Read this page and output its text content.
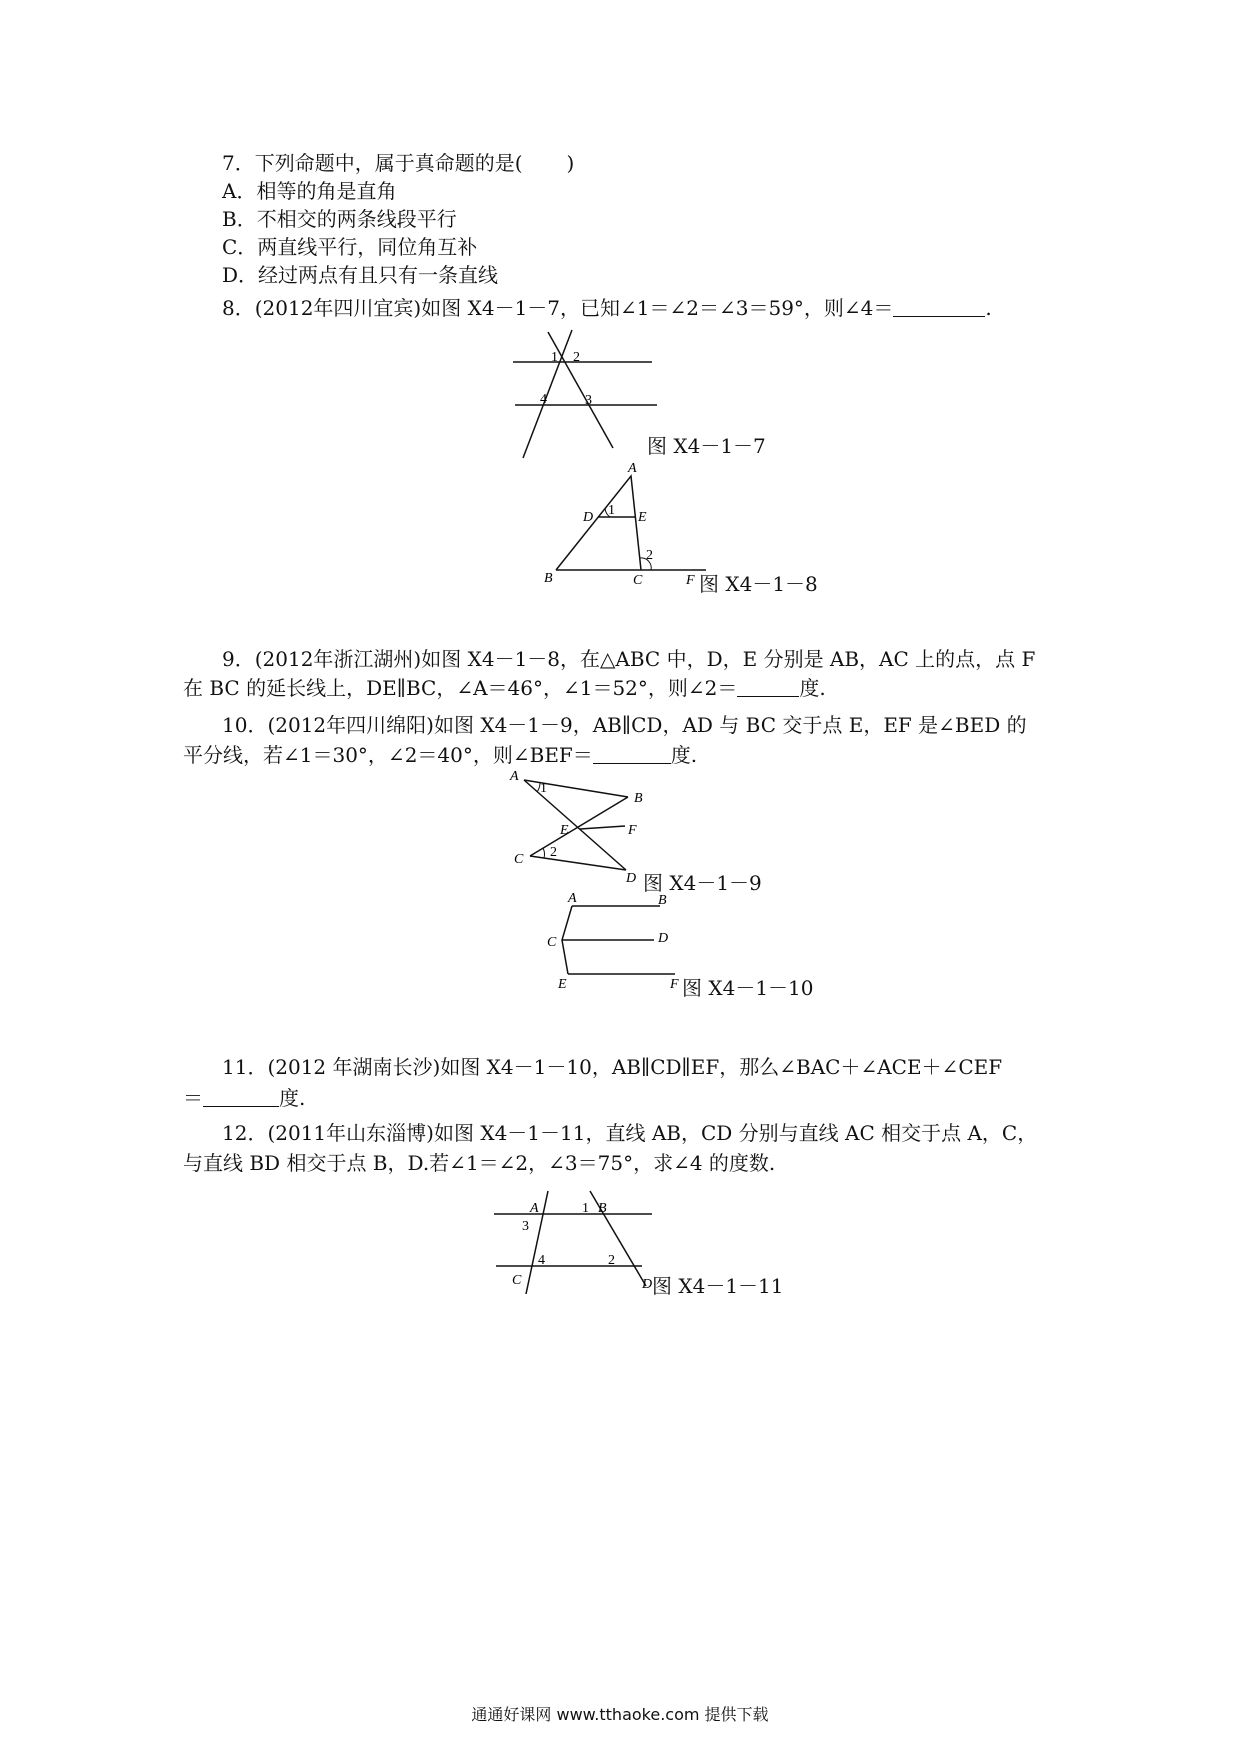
7．下列命题中，属于真命题的是( )
A．相等的角是直角
B．不相交的两条线段平行
C．两直线平行，同位角互补
D．经过两点有且只有一条直线
8．(2012年四川宜宾)如图 X4－1－7，已知∠1＝∠2＝∠3＝59°，则∠4＝	.
1 2
4	3
图 X4－1－7
A
D	E
1
2
B	C	F 图 X4－1－8
9．(2012年浙江湖州)如图 X4－1－8，在△ABC 中，D，E 分别是 AB，AC 上的点，点 F
在 BC 的延长线上，DE∥BC，∠A＝46°，∠1＝52°，则∠2＝	度.
10．(2012年四川绵阳)如图 X4－1－9，AB∥CD，AD 与 BC 交于点 E，EF 是∠BED 的
平分线，若∠1＝30°，∠2＝40°，则∠BEF＝	度.
A
1
B
E	F
C 2
D 图 X4－1－9
A	B
C	D
E	F 图 X4－1－10
11．(2012 年湖南长沙)如图 X4－1－10，AB∥CD∥EF，那么∠BAC＋∠ACE＋∠CEF
＝	度.
12．(2011年山东淄博)如图 X4－1－11，直线 AB，CD 分别与直线 AC 相交于点 A，C，
与直线 BD 相交于点 B，D.若∠1＝∠2，∠3＝75°，求∠4 的度数.
A
3
1 B
4	2
C	D 图 X4－1－11
通通好课网 www.tthaoke.com 提供下载
